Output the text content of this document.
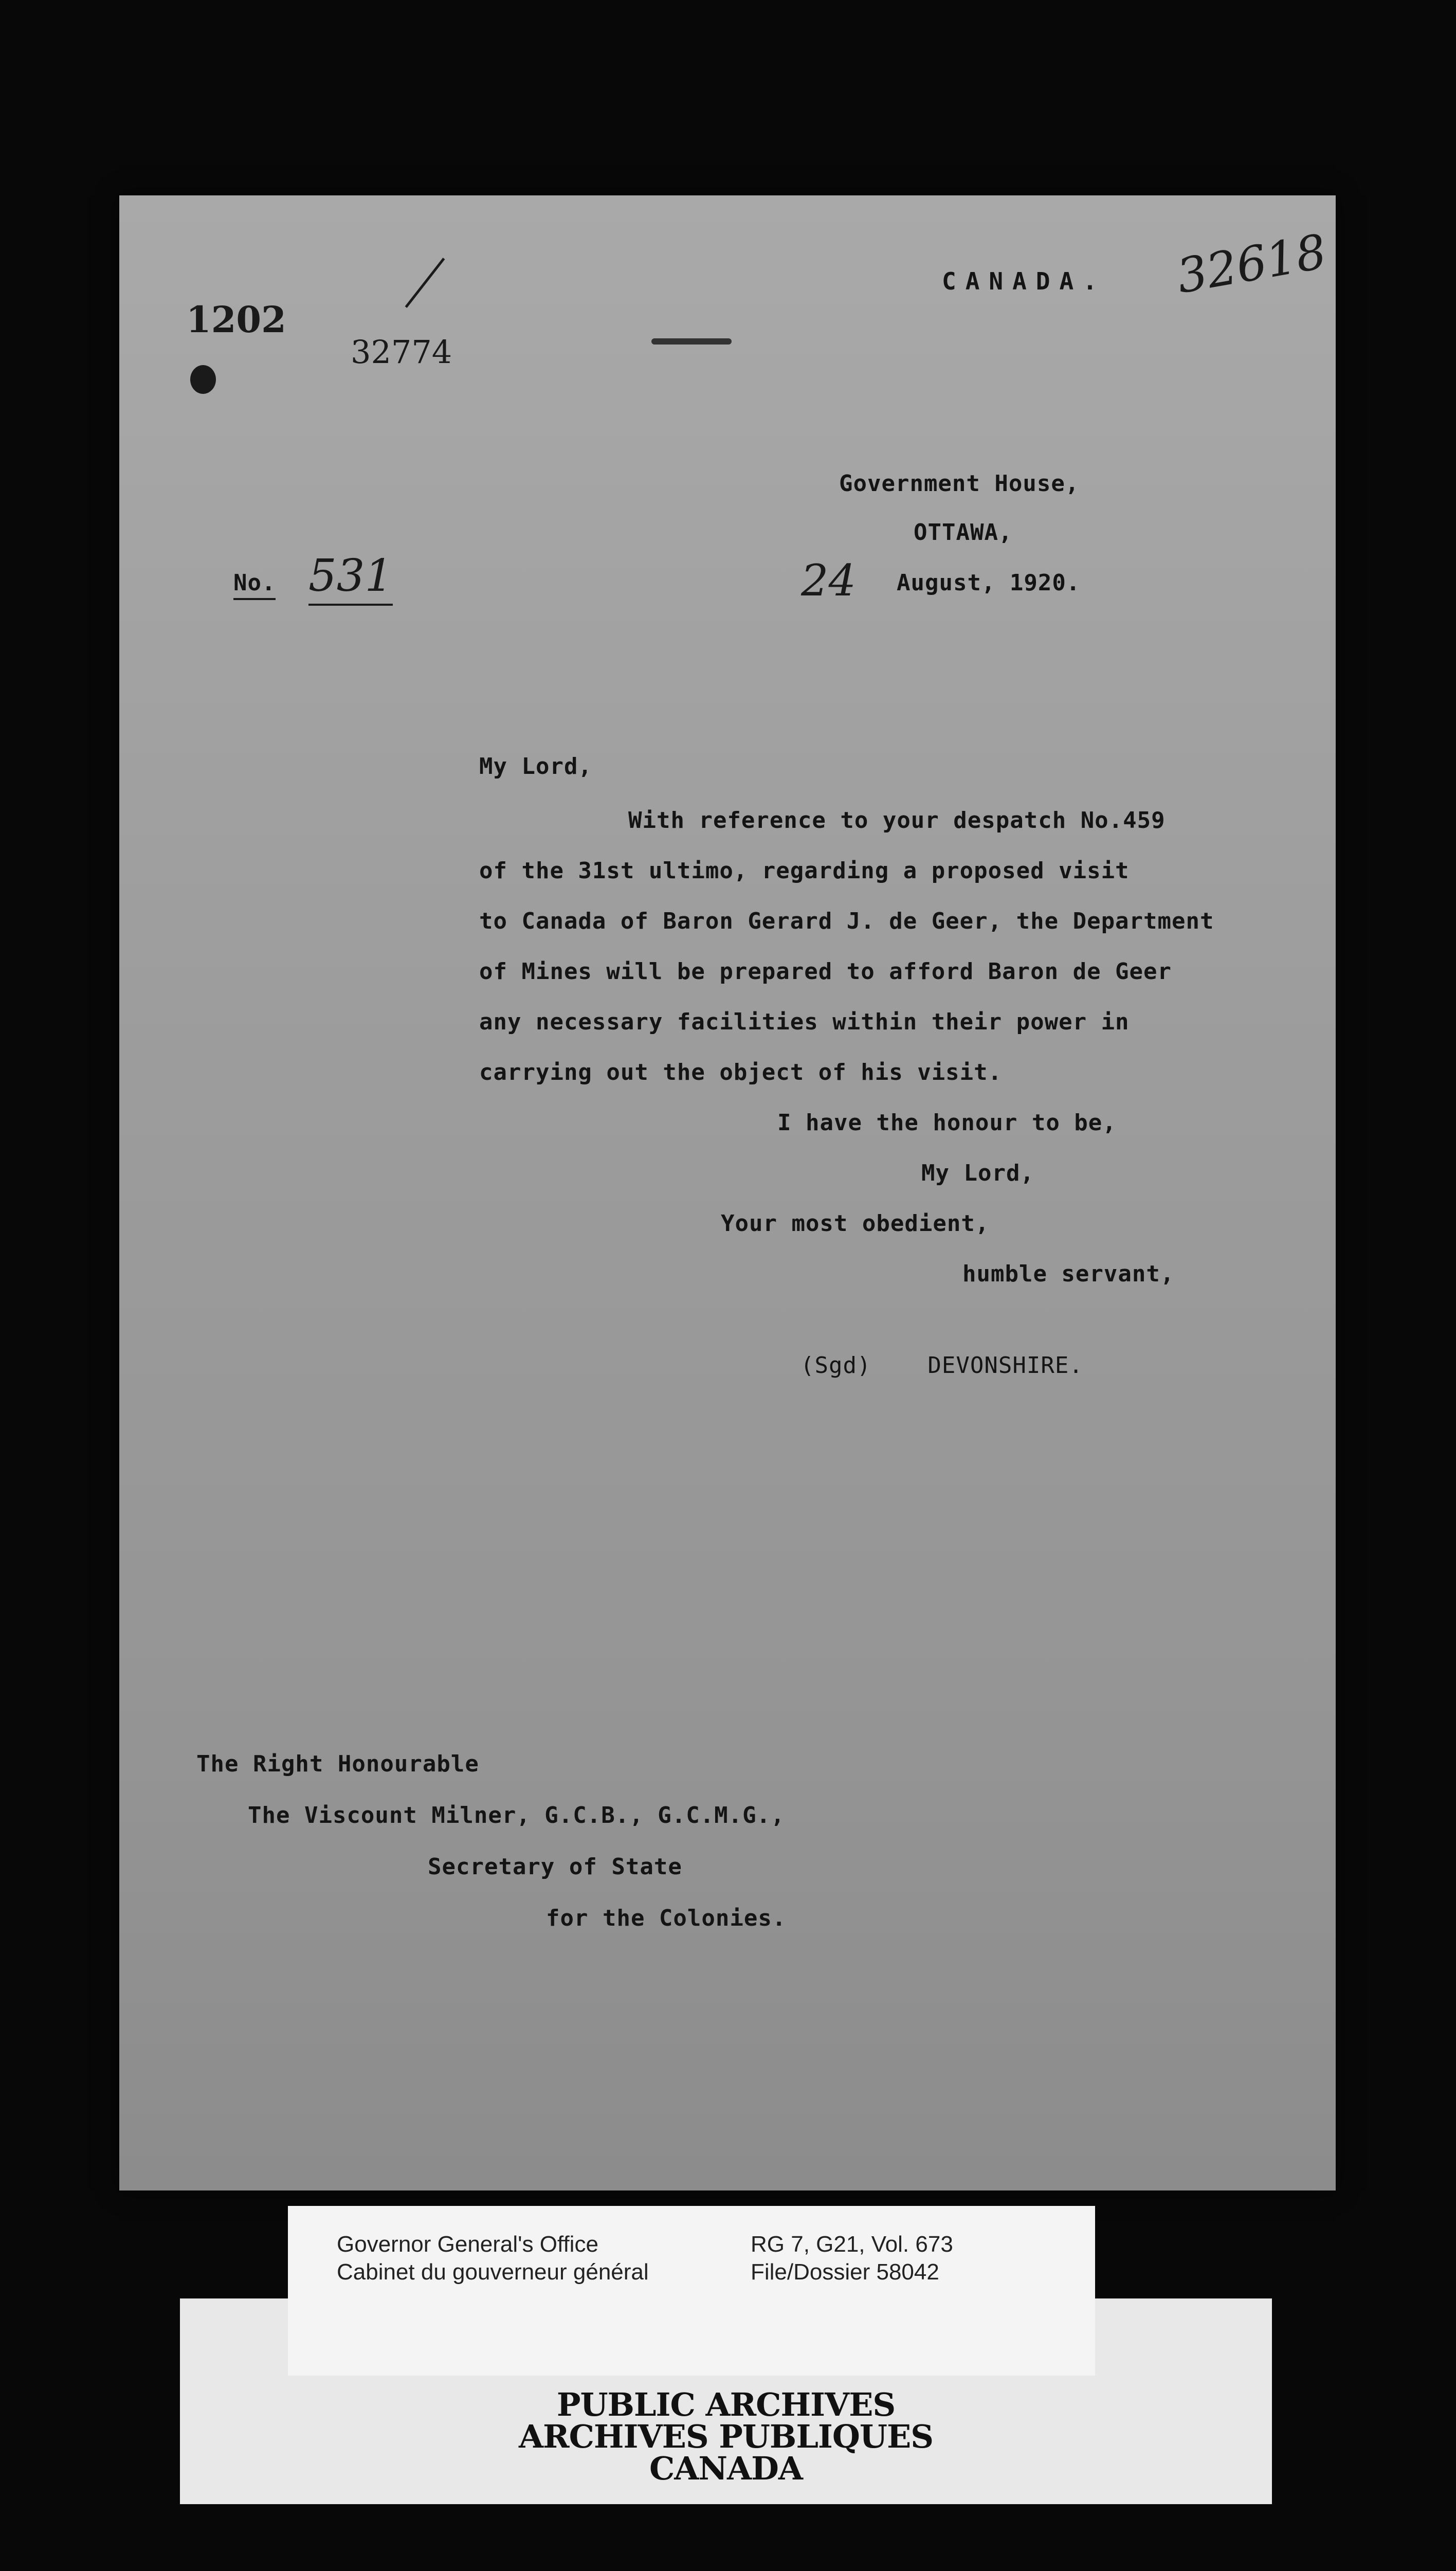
CANADA. 32618
1202
32774
Government House,
OTTAWA,
24 August, 1920.
No. 531
My Lord,
With reference to your despatch No.459
of the 31st ultimo, regarding a proposed visit
to Canada of Baron Gerard J. de Geer, the Department
of Mines will be prepared to afford Baron de Geer
any necessary facilities within their power in
carrying out the object of his visit.
I have the honour to be,
My Lord,
Your most obedient,
humble servant,
(Sgd)    DEVONSHIRE.
The Right Honourable
The Viscount Milner, G.C.B., G.C.M.G.,
Secretary of State
for the Colonies.
PUBLIC ARCHIVES
ARCHIVES PUBLIQUES
CANADA
Governor General's Office
Cabinet du gouverneur général
RG 7, G21, Vol. 673
File/Dossier 58042
